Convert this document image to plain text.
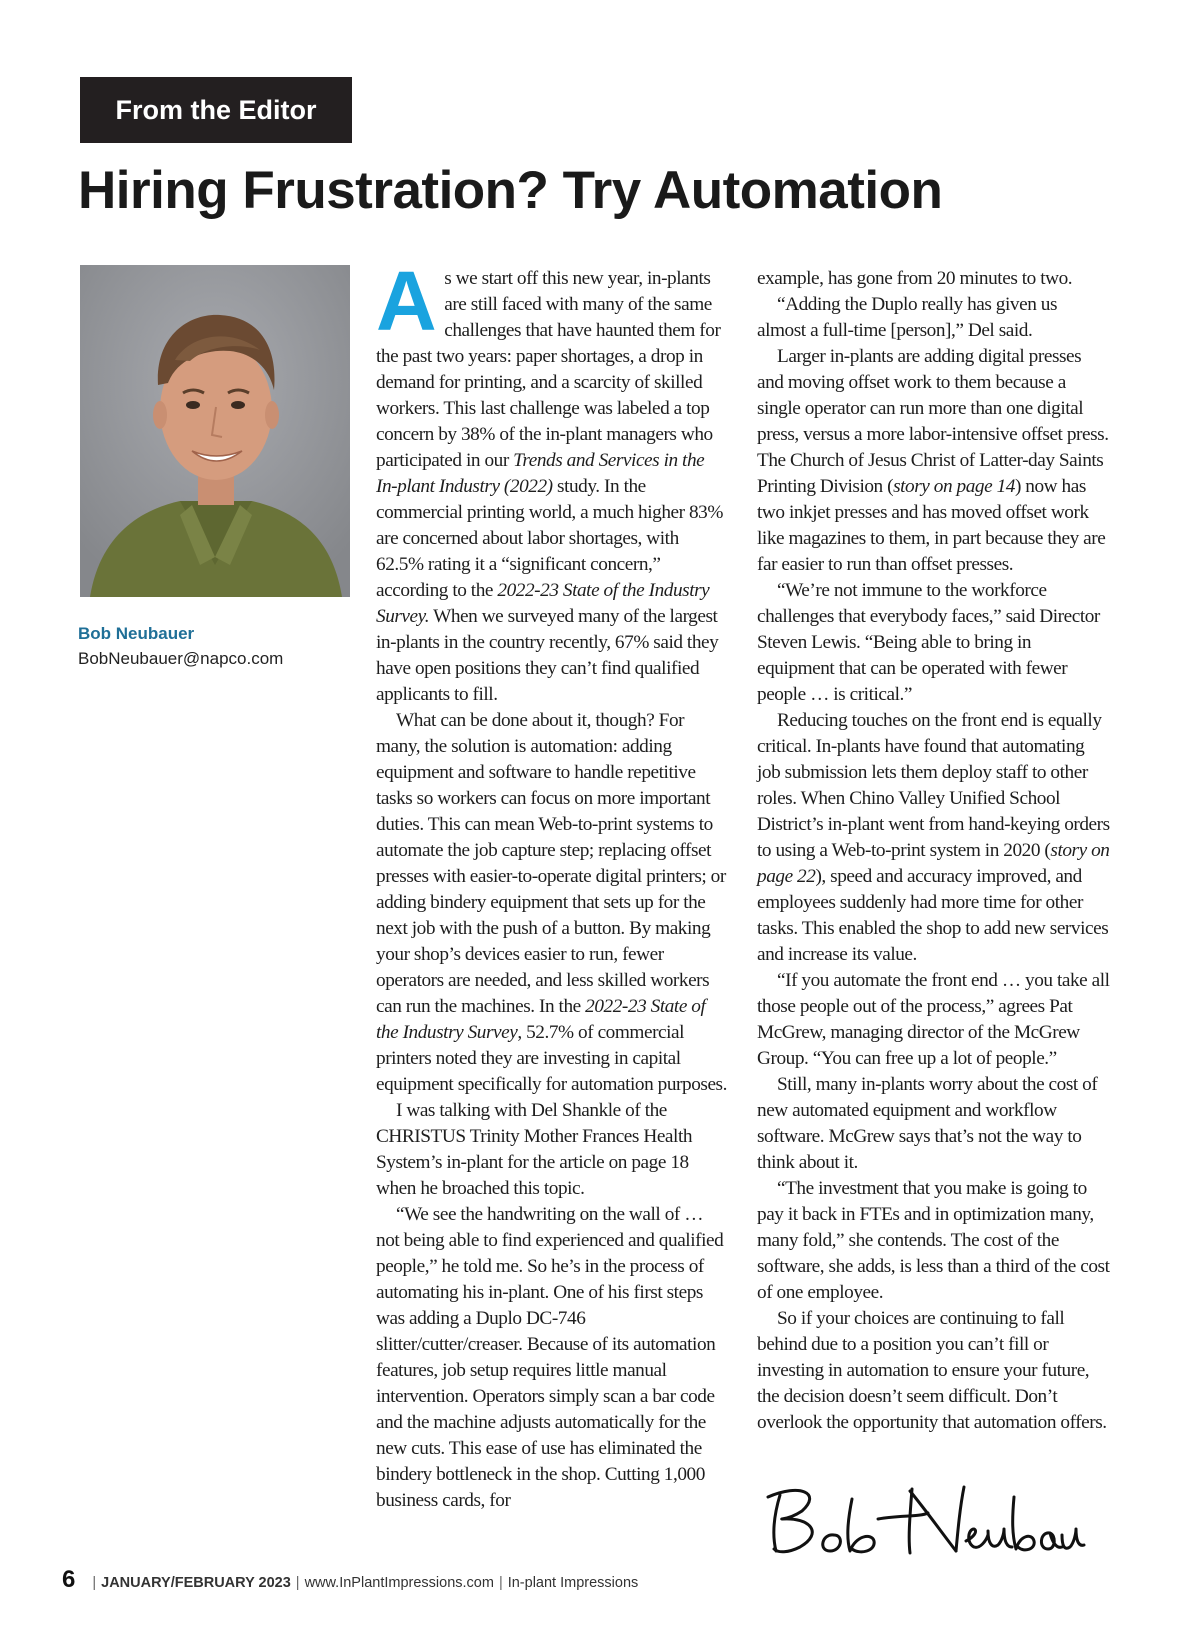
From the Editor
Hiring Frustration? Try Automation
Bob Neubauer
BobNeubauer@napco.com

As we start off this new year, in-plants are still faced with many of the same challenges that have haunted them for the past two years: paper shortages, a drop in demand for printing, and a scarcity of skilled workers. This last challenge was labeled a top concern by 38% of the in-plant managers who participated in our Trends and Services in the In-plant Industry (2022) study. In the commercial printing world, a much higher 83% are concerned about labor shortages, with 62.5% rating it a “significant concern,” according to the 2022-23 State of the Industry Survey. When we surveyed many of the largest in-plants in the country recently, 67% said they have open positions they can’t find qualified applicants to fill.

What can be done about it, though? For many, the solution is automation: adding equipment and software to handle repetitive tasks so workers can focus on more important duties. This can mean Web-to-print systems to automate the job capture step; replacing offset presses with easier-to-operate digital printers; or adding bindery equipment that sets up for the next job with the push of a button. By making your shop’s devices easier to run, fewer operators are needed, and less skilled workers can run the machines. In the 2022-23 State of the Industry Survey, 52.7% of commercial printers noted they are investing in capital equipment specifically for automation purposes.

I was talking with Del Shankle of the CHRISTUS Trinity Mother Frances Health System’s in-plant for the article on page 18 when he broached this topic.

“We see the handwriting on the wall of … not being able to find experienced and qualified people,” he told me. So he’s in the process of automating his in-plant. One of his first steps was adding a Duplo DC-746 slitter/cutter/creaser. Because of its automation features, job setup requires little manual intervention. Operators simply scan a bar code and the machine adjusts automatically for the new cuts. This ease of use has eliminated the bindery bottleneck in the shop. Cutting 1,000 business cards, for

example, has gone from 20 minutes to two.

“Adding the Duplo really has given us almost a full-time [person],” Del said.

Larger in-plants are adding digital presses and moving offset work to them because a single operator can run more than one digital press, versus a more labor-intensive offset press. The Church of Jesus Christ of Latter-day Saints Printing Division (story on page 14) now has two inkjet presses and has moved offset work like magazines to them, in part because they are far easier to run than offset presses.

“We’re not immune to the workforce challenges that everybody faces,” said Director Steven Lewis. “Being able to bring in equipment that can be operated with fewer people … is critical.”

Reducing touches on the front end is equally critical. In-plants have found that automating job submission lets them deploy staff to other roles. When Chino Valley Unified School District’s in-plant went from hand-keying orders to using a Web-to-print system in 2020 (story on page 22), speed and accuracy improved, and employees suddenly had more time for other tasks. This enabled the shop to add new services and increase its value.

“If you automate the front end … you take all those people out of the process,” agrees Pat McGrew, managing director of the McGrew Group. “You can free up a lot of people.”

Still, many in-plants worry about the cost of new automated equipment and workflow software. McGrew says that’s not the way to think about it.

“The investment that you make is going to pay it back in FTEs and in optimization many, many fold,” she contends. The cost of the software, she adds, is less than a third of the cost of one employee.

So if your choices are continuing to fall behind due to a position you can’t fill or investing in automation to ensure your future, the decision doesn’t seem difficult. Don’t overlook the opportunity that automation offers.

6 | JANUARY/FEBRUARY 2023 | www.InPlantImpressions.com | In-plant Impressions
